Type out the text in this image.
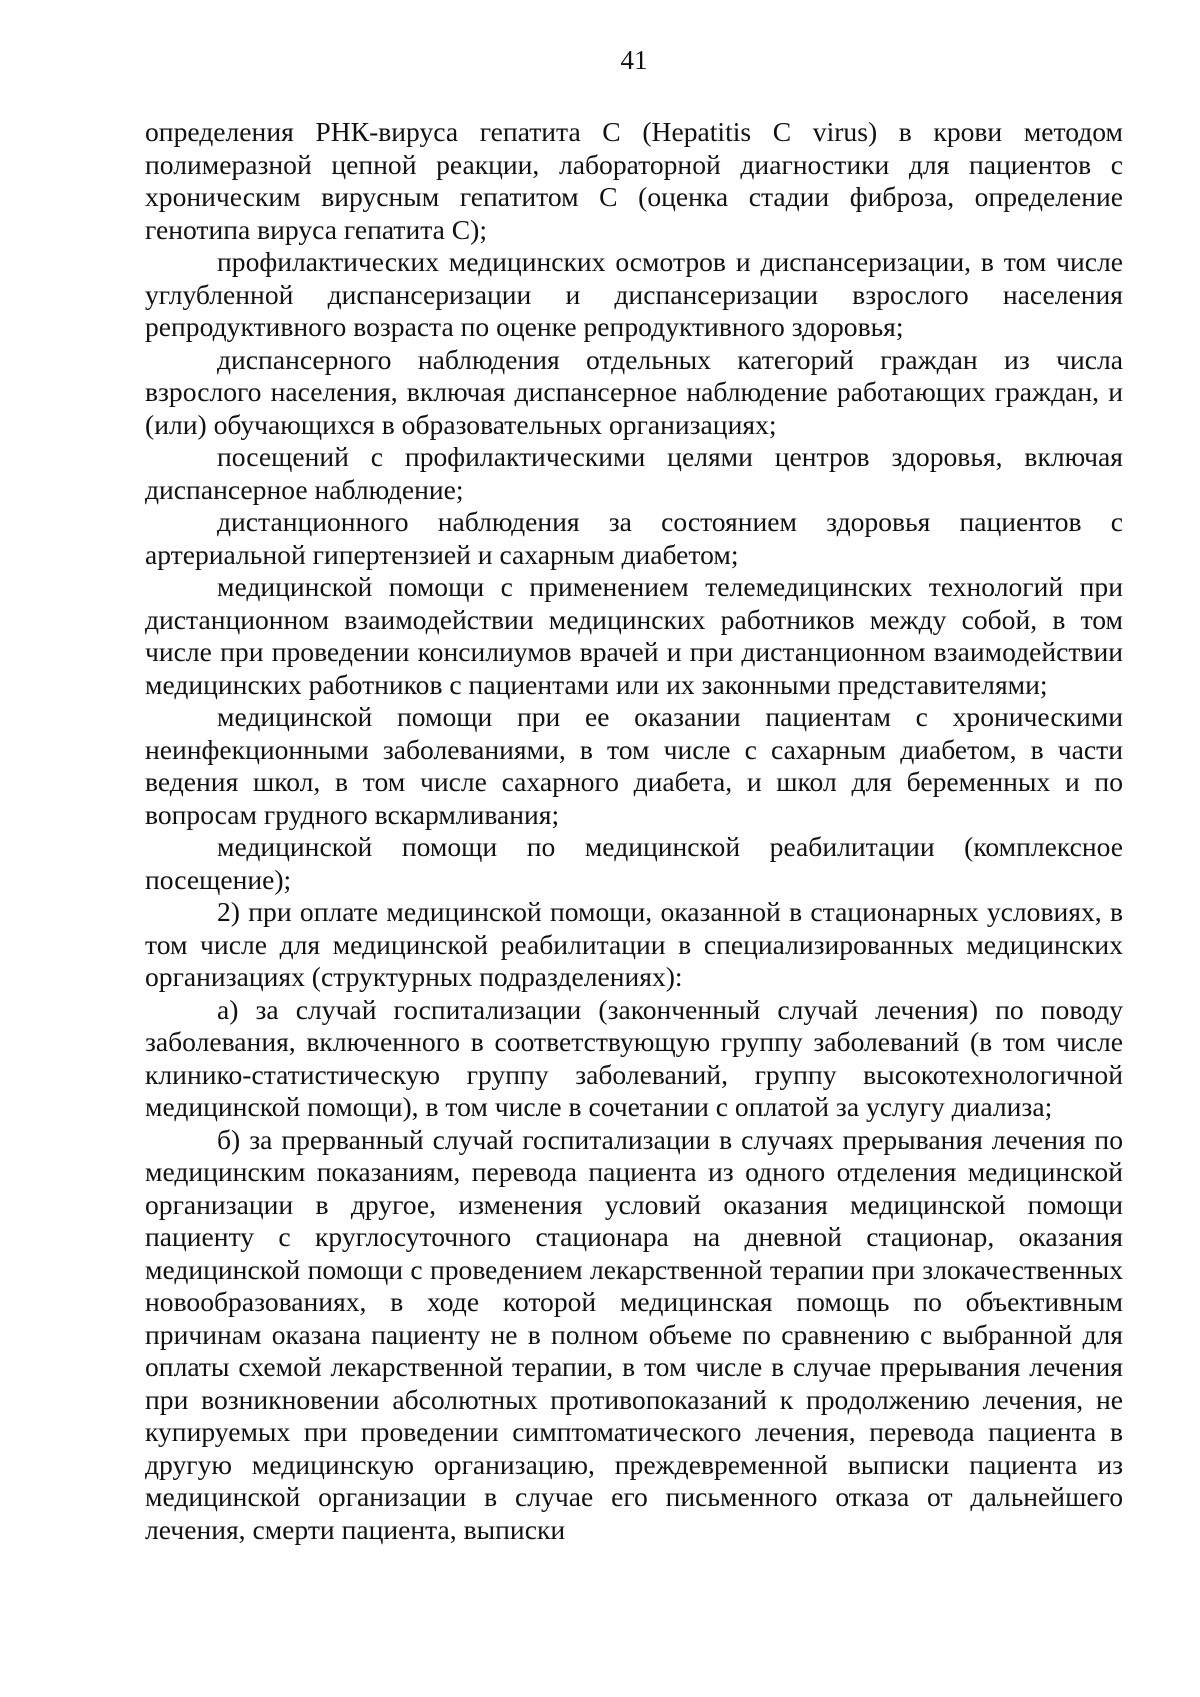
41

определения РНК-вируса гепатита С (Hepatitis С virus) в крови методом полимеразной цепной реакции, лабораторной диагностики для пациентов с хроническим вирусным гепатитом С (оценка стадии фиброза, определение генотипа вируса гепатита С);

профилактических медицинских осмотров и диспансеризации, в том числе углубленной диспансеризации и диспансеризации взрослого населения репродуктивного возраста по оценке репродуктивного здоровья;

диспансерного наблюдения отдельных категорий граждан из числа взрослого населения, включая диспансерное наблюдение работающих граждан, и (или) обучающихся в образовательных организациях;

посещений с профилактическими целями центров здоровья, включая диспансерное наблюдение;

дистанционного наблюдения за состоянием здоровья пациентов с артериальной гипертензией и сахарным диабетом;

медицинской помощи с применением телемедицинских технологий при дистанционном взаимодействии медицинских работников между собой, в том числе при проведении консилиумов врачей и при дистанционном взаимодействии медицинских работников с пациентами или их законными представителями;

медицинской помощи при ее оказании пациентам с хроническими неинфекционными заболеваниями, в том числе с сахарным диабетом, в части ведения школ, в том числе сахарного диабета, и школ для беременных и по вопросам грудного вскармливания;

медицинской помощи по медицинской реабилитации (комплексное посещение);

2) при оплате медицинской помощи, оказанной в стационарных условиях, в том числе для медицинской реабилитации в специализированных медицинских организациях (структурных подразделениях):

а) за случай госпитализации (законченный случай лечения) по поводу заболевания, включенного в соответствующую группу заболеваний (в том числе клинико-статистическую группу заболеваний, группу высокотехнологичной медицинской помощи), в том числе в сочетании с оплатой за услугу диализа;

б) за прерванный случай госпитализации в случаях прерывания лечения по медицинским показаниям, перевода пациента из одного отделения медицинской организации в другое, изменения условий оказания медицинской помощи пациенту с круглосуточного стационара на дневной стационар, оказания медицинской помощи с проведением лекарственной терапии при злокачественных новообразованиях, в ходе которой медицинская помощь по объективным причинам оказана пациенту не в полном объеме по сравнению с выбранной для оплаты схемой лекарственной терапии, в том числе в случае прерывания лечения при возникновении абсолютных противопоказаний к продолжению лечения, не купируемых при проведении симптоматического лечения, перевода пациента в другую медицинскую организацию, преждевременной выписки пациента из медицинской организации в случае его письменного отказа от дальнейшего лечения, смерти пациента, выписки
